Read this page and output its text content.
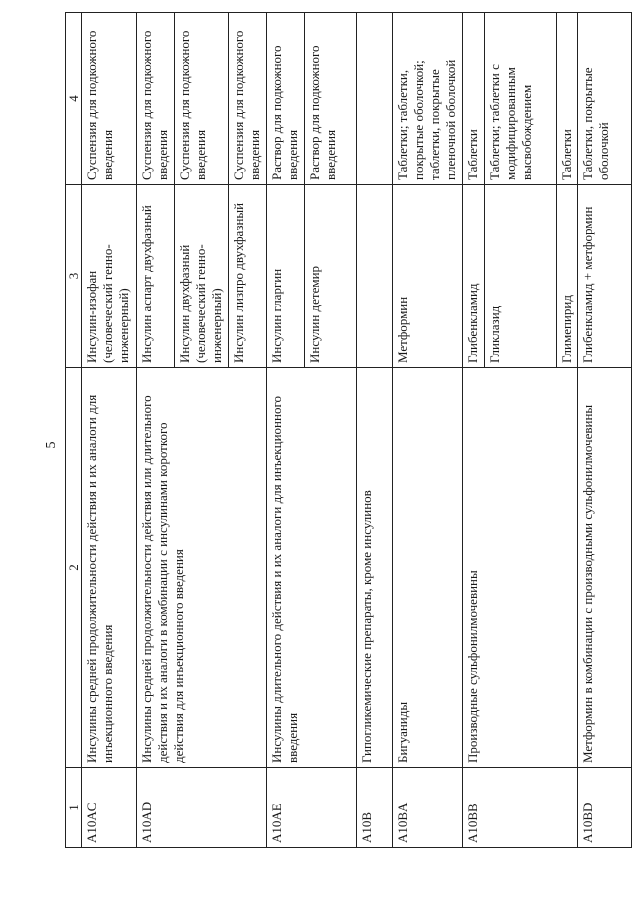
5
1	2	3	4
A10AC	Инсулины средней продолжительности действия и их аналоги для инъекционного введения	Инсулин-изофан (человеческий генно-инженерный)	Суспензия для подкожного введения
A10AD	Инсулины средней продолжительности действия или длительного действия и их аналоги в комбинации с инсулинами короткого действия для инъекционного введения	Инсулин аспарт двухфазный	Суспензия для подкожного введения
		Инсулин двухфазный (человеческий генно-инженерный)	Суспензия для подкожного введения
		Инсулин лизпро двухфазный	Суспензия для подкожного введения
A10AE	Инсулины длительного действия и их аналоги для инъекционного введения	Инсулин гларгин	Раствор для подкожного введения
		Инсулин детемир	Раствор для подкожного введения
A10B	Гипогликемические препараты, кроме инсулинов		
A10BA	Бигуаниды	Метформин	Таблетки; таблетки, покрытые оболочкой; таблетки, покрытые пленочной оболочкой
A10BB	Производные сульфонилмочевины	Глибенкламид	Таблетки
		Гликлазид	Таблетки; таблетки с модифицированным высвобождением
		Глимепирид	Таблетки
A10BD	Метформин в комбинации с производными сульфонилмочевины	Глибенкламид + метформин	Таблетки, покрытые оболочкой
